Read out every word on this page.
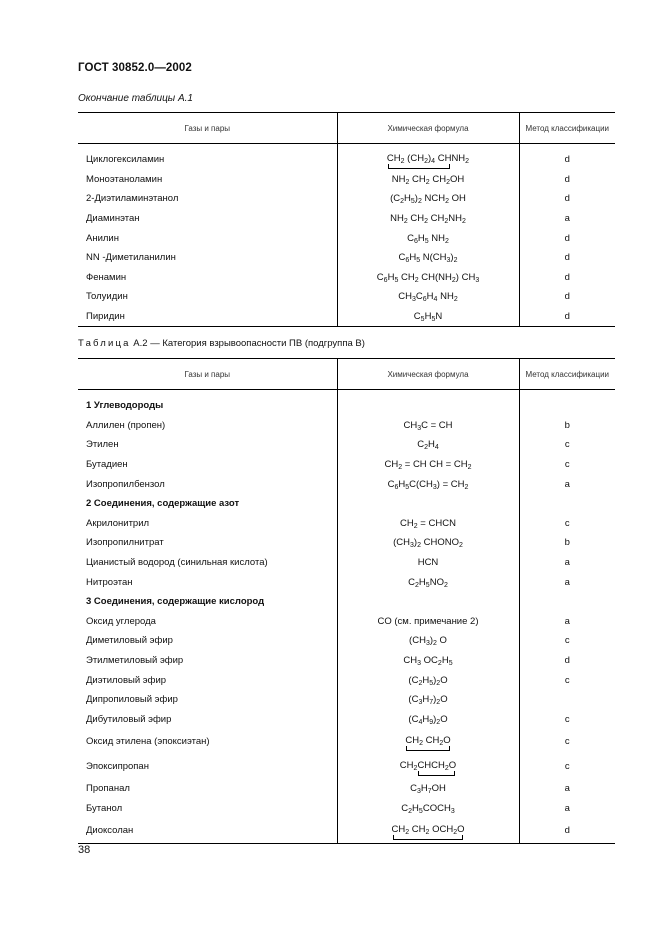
ГОСТ 30852.0—2002
Окончание таблицы А.1
Газы и пары	Химическая формула	Метод классификации
Циклогексиламин	$CH_2$ $(CH_2)_4$ $CHNH_2$	d
Моноэтаноламин	$NH_2$ $CH_2$ $CH_2OH$	d
2-Диэтиламинэтанол	$(C_2H_5)_2$ $NCH_2$ OH	d
Диаминэтан	$NH_2$ $CH_2$ $CH_2NH_2$	a
Анилин	$C_6H_5$ $NH_2$	d
NN -Диметиланилин	$C_6H_5$ $N(CH_3)_2$	d
Фенамин	$C_6H_5$ $CH_2$ $CH(NH_2)$ $CH_3$	d
Толуидин	$CH_3C_6H_4$ $NH_2$	d
Пиридин	$C_5H_5N$	d
Таблица А.2 — Категория взрывоопасности ПВ (подгруппа В)
Газы и пары	Химическая формула	Метод классификации
1 Углеводороды		
Аллилен (пропен)	$CH_3C$ = CH	b
Этилен	$C_2H_4$	c
Бутадиен	$CH_2$ = CH CH = $CH_2$	c
Изопропилбензол	$C_6H_5C(CH_3) = CH_2$	a
2 Соединения, содержащие азот		
Акрилонитрил	$CH_2$ = CHCN	c
Изопропилнитрат	$(CH_3)_2$ $CHONO_2$	b
Цианистый водород (синильная кислота)	HCN	a
Нитроэтан	$C_2H_5NO_2$	a
3 Соединения, содержащие кислород		
Оксид углерода	CO (см. примечание 2)	a
Диметиловый эфир	$(CH_3)_2$ O	c
Этилметиловый эфир	$CH_3$ $OC_2H_5$	d
Диэтиловый эфир	$(C_2H_5)_2O$	c
Дипропиловый эфир	$(C_3H_7)_2O$	
Дибутиловый эфир	$(C_4H_9)_2O$	c
Оксид этилена (эпоксиэтан)	$CH_2$ $CH_2O$	c
Эпоксипропан	$CH_2CHCH_2O$	c
Пропанал	$C_3H_7OH$	a
Бутанол	$C_2H_5COCH_3$	a
Диоксолан	$CH_2$ $CH_2$ $OCH_2O$	d
38
